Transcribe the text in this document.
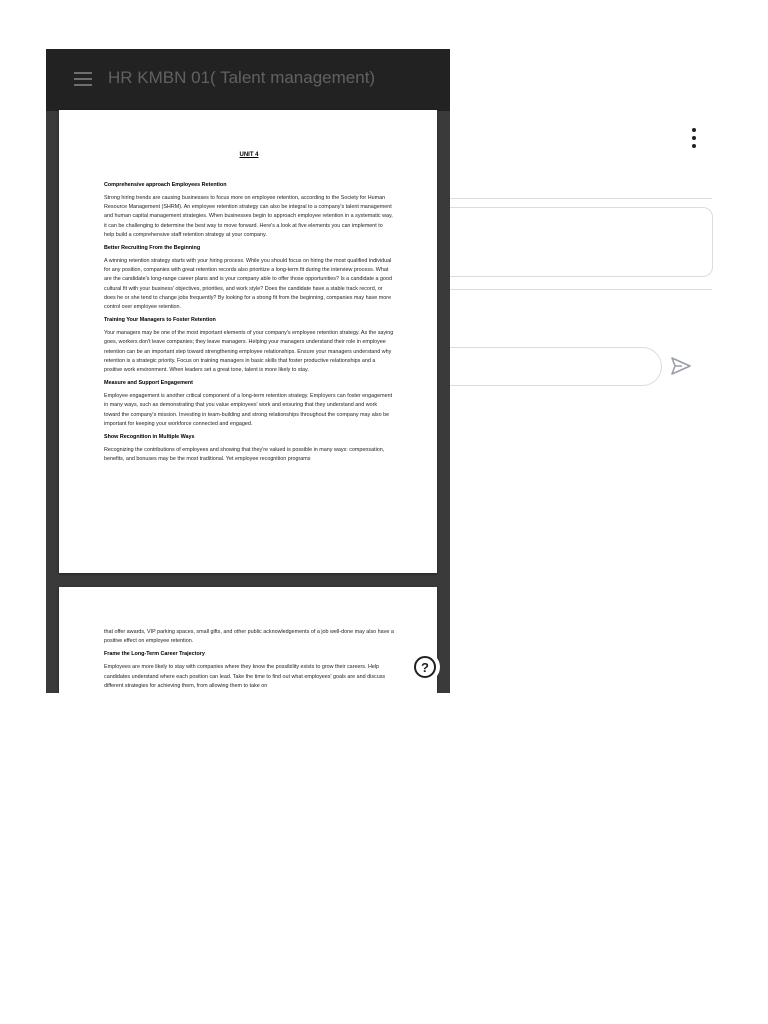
HR KMBN 01( Talent management)

UNIT 4

Comprehensive approach Employees Retention

Strong hiring trends are causing businesses to focus more on employee retention, according to the Society for Human Resource Management (SHRM). An employee retention strategy can also be integral to a company's talent management and human capital management strategies. When businesses begin to approach employee retention in a systematic way, it can be challenging to determine the best way to move forward. Here's a look at five elements you can implement to help build a comprehensive staff retention strategy at your company.

Better Recruiting From the Beginning

A winning retention strategy starts with your hiring process. While you should focus on hiring the most qualified individual for any position, companies with great retention records also prioritize a long-term fit during the interview process. What are the candidate's long-range career plans and is your company able to offer those opportunities? Is a candidate a good cultural fit with your business' objectives, priorities, and work style? Does the candidate have a stable track record, or does he or she tend to change jobs frequently? By looking for a strong fit from the beginning, companies may have more control over employee retention.

Training Your Managers to Foster Retention

Your managers may be one of the most important elements of your company's employee retention strategy. As the saying goes, workers don't leave companies; they leave managers. Helping your managers understand their role in employee retention can be an important step toward strengthening employee relationships. Ensure your managers understand why retention is a strategic priority. Focus on training managers in basic skills that foster productive relationships and a positive work environment. When leaders set a great tone, talent is more likely to stay.

Measure and Support Engagement

Employee engagement is another critical component of a long-term retention strategy. Employers can foster engagement in many ways, such as demonstrating that you value employees' work and ensuring that they understand and work toward the company's mission. Investing in team-building and strong relationships throughout the company may also be important for keeping your workforce connected and engaged.

Show Recognition in Multiple Ways

Recognizing the contributions of employees and showing that they're valued is possible in many ways: compensation, benefits, and bonuses may be the most traditional. Yet employee recognition programs

that offer awards, VIP parking spaces, small gifts, and other public acknowledgements of a job well-done may also have a positive effect on employee retention.

Frame the Long-Term Career Trajectory

Employees are more likely to stay with companies where they know the possibility exists to grow their careers. Help candidates understand where each position can lead. Take the time to find out what employees' goals are and discuss different strategies for achieving them, from allowing them to take on

?
